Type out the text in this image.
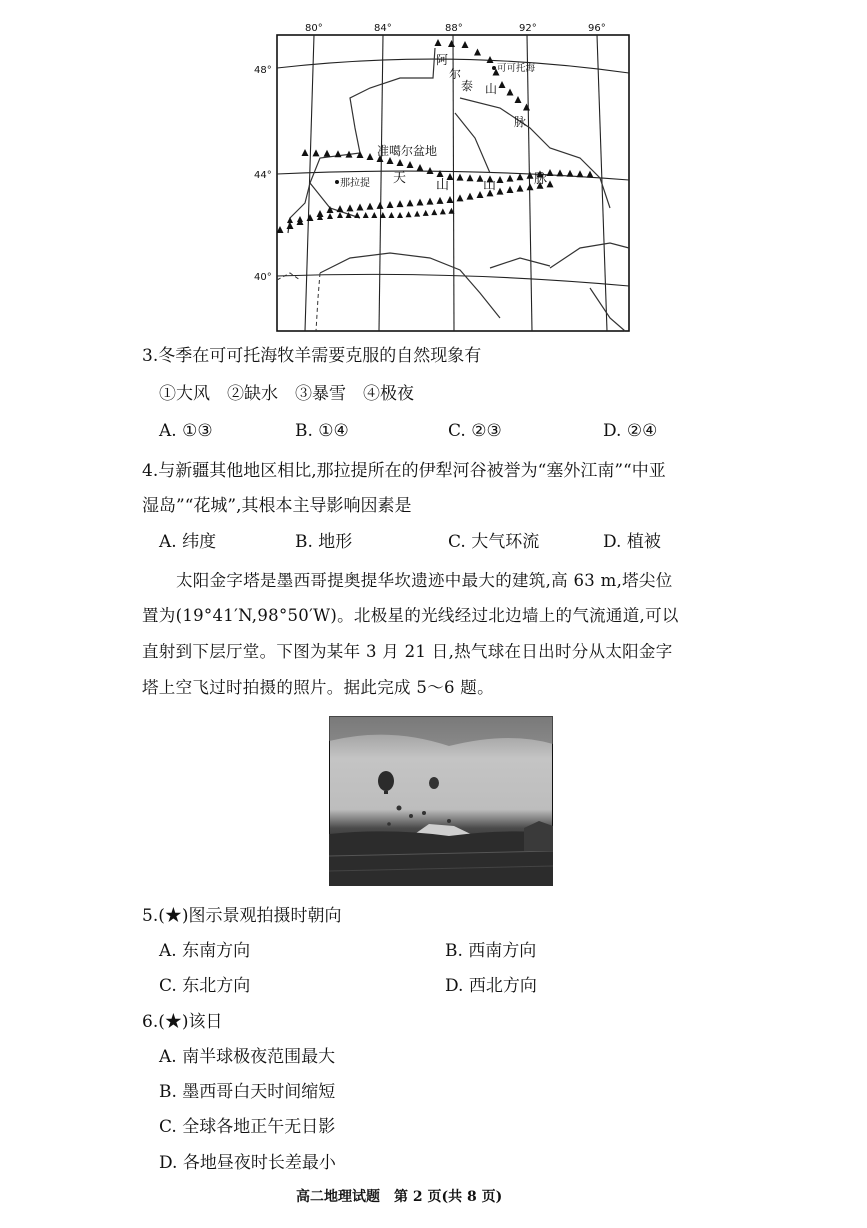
80°	84°	88°	92°	96°
48°
44°
40°
阿
尔
泰 山
脉
可可托海
准噶尔盆地
那拉提 天 山	山	脉
3.冬季在可可托海牧羊需要克服的自然现象有
①大风　②缺水　③暴雪　④极夜
A. ①③	B. ①④	C. ②③	D. ②④
4.与新疆其他地区相比,那拉提所在的伊犁河谷被誉为“塞外江南”“中亚
湿岛”“花城”,其根本主导影响因素是
A. 纬度	B. 地形	C. 大气环流	D. 植被
太阳金字塔是墨西哥提奥提华坎遗迹中最大的建筑,高 63 m,塔尖位
置为(19°41′N,98°50′W)。北极星的光线经过北边墙上的气流通道,可以
直射到下层厅堂。下图为某年 3 月 21 日,热气球在日出时分从太阳金字
塔上空飞过时拍摄的照片。据此完成 5～6 题。
5.(★)图示景观拍摄时朝向
A. 东南方向	B. 西南方向
C. 东北方向	D. 西北方向
6.(★)该日
A. 南半球极夜范围最大
B. 墨西哥白天时间缩短
C. 全球各地正午无日影
D. 各地昼夜时长差最小
高二地理试题　第 2 页(共 8 页)
